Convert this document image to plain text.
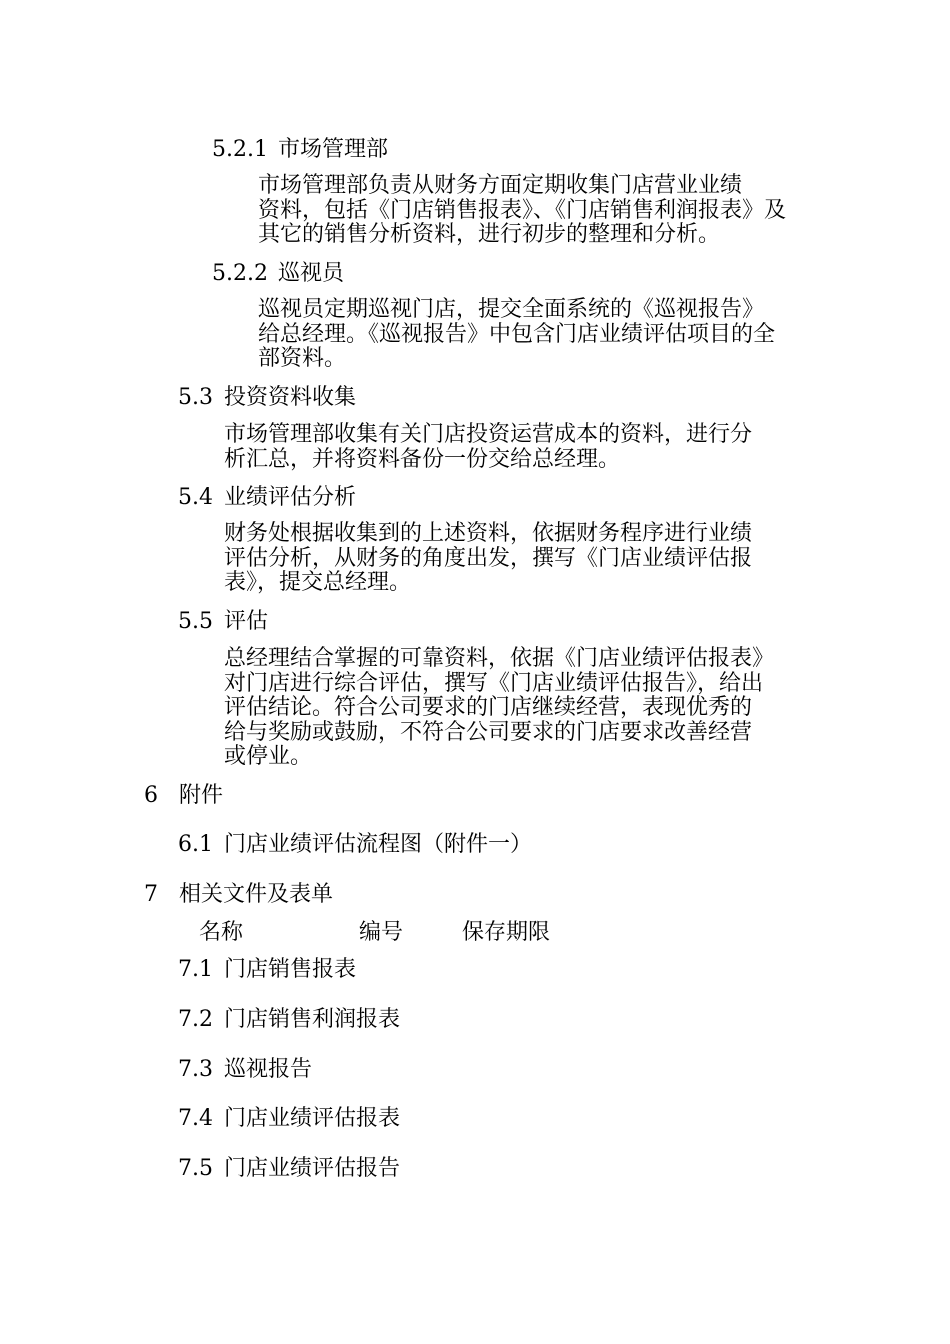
5.2.1 市场管理部
市场管理部负责从财务方面定期收集门店营业业绩
资料，包括《门店销售报表》、《门店销售利润报表》及
其它的销售分析资料，进行初步的整理和分析。
5.2.2 巡视员
巡视员定期巡视门店，提交全面系统的《巡视报告》
给总经理。《巡视报告》中包含门店业绩评估项目的全
部资料。
5.3 投资资料收集
市场管理部收集有关门店投资运营成本的资料，进行分
析汇总，并将资料备份一份交给总经理。
5.4 业绩评估分析
财务处根据收集到的上述资料，依据财务程序进行业绩
评估分析，从财务的角度出发，撰写《门店业绩评估报
表》，提交总经理。
5.5 评估
总经理结合掌握的可靠资料，依据《门店业绩评估报表》
对门店进行综合评估，撰写《门店业绩评估报告》，给出
评估结论。符合公司要求的门店继续经营，表现优秀的
给与奖励或鼓励，不符合公司要求的门店要求改善经营
或停业。
6 附件
6.1 门店业绩评估流程图（附件一）
7 相关文件及表单
名称	编号	保存期限
7.1 门店销售报表
7.2 门店销售利润报表
7.3 巡视报告
7.4 门店业绩评估报表
7.5 门店业绩评估报告
